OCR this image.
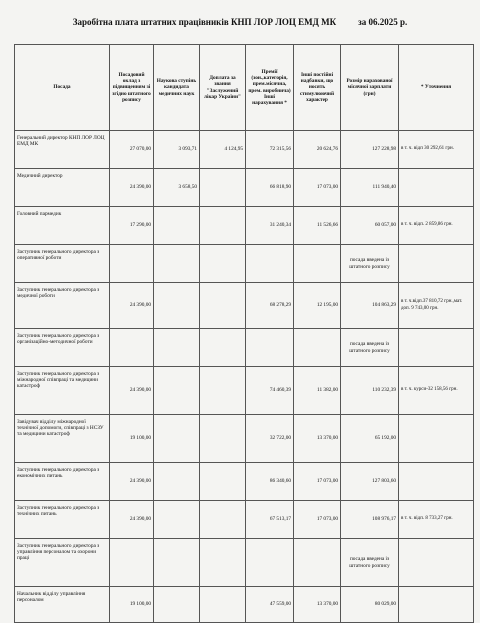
Заробітна плата штатних працівників КНП ЛОР ЛОЦ ЕМД МК за 06.2025 р.
Посада	Посадовий оклад з підвищенням зі згідно штатного розпису	Наукова ступінь кандидата медичних наук	Доплата за звання "Заслужений лікар України"	Премії (зон.,категорія, прем.місячна, прем. виробнича) Інші нарахування *	Інші постійні надбавки, що носять стимулюючий характер	Розмір нарахованої місячної зарплати (грн)	* Уточнення
Генеральний директор КНП ЛОР ЛОЦ ЕМД МК	27 070,00	3 093,71	4 124,95	72 315,56	20 624,76	127 228,98	в т. ч. відп 30 292,61 грн.
Медичний директор	24 390,00	3 658,50		66 818,90	17 073,00	111 940,40	
Головний пармедик	17 290,00			31 240,34	11 526,66	60 057,00	в т. ч. відп. 2 859,86 грн.
Заступник генерального директора з оперативної роботи						посада введена із штатного розпису	
Заступник генерального директора з медичної роботи	24 390,00			68 278,29	12 195,00	104 863,29	в т. ч.відп.37 810,72 грн.,мат. доп. 9 743,00 грн.
Заступник генерального директора з організаційно-методичної роботи						посада введена із штатного розпису	
Заступник генерального директора з міжнародної співпраці та медицини катастроф	24 390,00			74 460,39	11 382,00	110 232,39	в т. ч. курси-32 158,56 грн.
Завідувач відділу міжнародної технічної допомоги, співпраці з НСЗУ та медицини катастроф	19 100,00			32 722,00	13 370,00	65 192,00	
Заступник генерального директора з економічних питань	24 390,00			86 340,60	17 073,00	127 803,60	
Заступник генерального директора з технічних питань	24 390,00			67 513,17	17 073,00	108 976,17	в т. ч. відп. 8 733,27 грн.
Заступник генерального директора з управління персоналом та охорони праці						посада введена із штатного розпису	
Начальник відділу управління персоналом	19 100,00			47 559,00	13 370,00	80 029,00	
